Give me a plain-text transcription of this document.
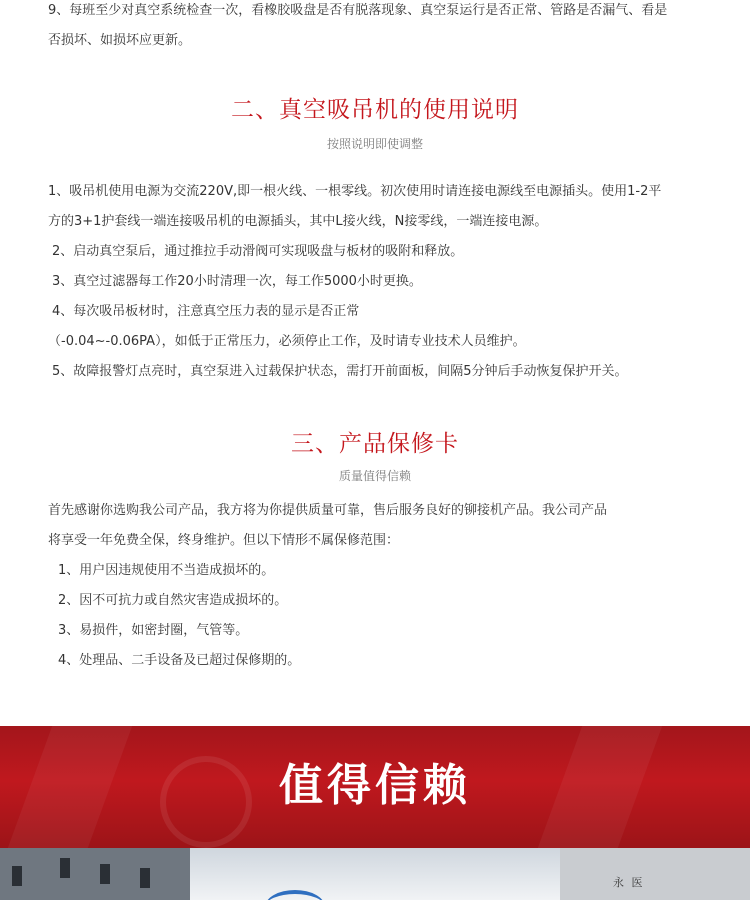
9、每班至少对真空系统检查一次，看橡胶吸盘是否有脱落现象、真空泵运行是否正常、管路是否漏气、看是
否损坏、如损坏应更新。
二、真空吸吊机的使用说明
按照说明即使调整
1、吸吊机使用电源为交流220V,即一根火线、一根零线。初次使用时请连接电源线至电源插头。使用1-2平
方的3+1护套线一端连接吸吊机的电源插头，其中L接火线，N接零线，一端连接电源。
2、启动真空泵后，通过推拉手动滑阀可实现吸盘与板材的吸附和释放。
3、真空过滤器每工作20小时清理一次，每工作5000小时更换。
4、每次吸吊板材时，注意真空压力表的显示是否正常
（-0.04~-0.06PA），如低于正常压力，必须停止工作，及时请专业技术人员维护。
5、故障报警灯点亮时，真空泵进入过载保护状态，需打开前面板，间隔5分钟后手动恢复保护开关。
三、产品保修卡
质量值得信赖
首先感谢你选购我公司产品，我方将为你提供质量可靠，售后服务良好的铆接机产品。我公司产品
将享受一年免费全保，终身维护。但以下情形不属保修范围：
1、用户因违规使用不当造成损坏的。
2、因不可抗力或自然灾害造成损坏的。
3、易损件，如密封圈，气管等。
4、处理品、二手设备及已超过保修期的。
值得信赖
永 医
